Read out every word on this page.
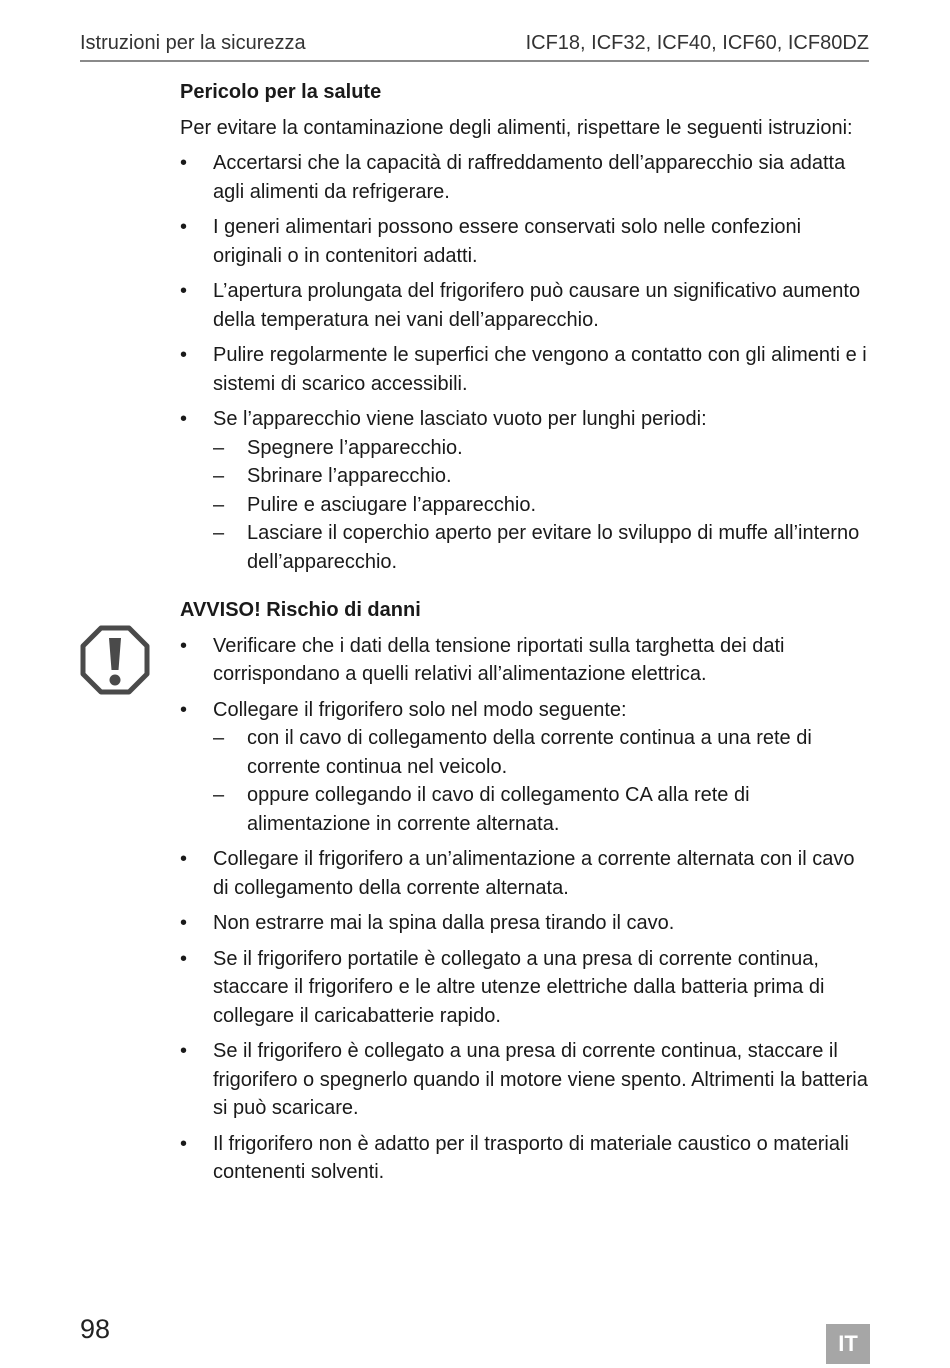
Istruzioni per la sicurezza	ICF18, ICF32, ICF40, ICF60, ICF80DZ
Pericolo per la salute

Per evitare la contaminazione degli alimenti, rispettare le seguenti istruzioni:

• Accertarsi che la capacità di raffreddamento dell’apparecchio sia adatta agli alimenti da refrigerare.
• I generi alimentari possono essere conservati solo nelle confezioni originali o in contenitori adatti.
• L’apertura prolungata del frigorifero può causare un significativo aumento della temperatura nei vani dell’apparecchio.
• Pulire regolarmente le superfici che vengono a contatto con gli alimenti e i sistemi di scarico accessibili.
• Se l’apparecchio viene lasciato vuoto per lunghi periodi:
– Spegnere l’apparecchio.
– Sbrinare l’apparecchio.
– Pulire e asciugare l’apparecchio.
– Lasciare il coperchio aperto per evitare lo sviluppo di muffe all’interno dell’apparecchio.
AVVISO! Rischio di danni
• Verificare che i dati della tensione riportati sulla targhetta dei dati corrispondano a quelli relativi all’alimentazione elettrica.
• Collegare il frigorifero solo nel modo seguente:
– con il cavo di collegamento della corrente continua a una rete di corrente continua nel veicolo.
– oppure collegando il cavo di collegamento CA alla rete di alimentazione in corrente alternata.
• Collegare il frigorifero a un’alimentazione a corrente alternata con il cavo di collegamento della corrente alternata.
• Non estrarre mai la spina dalla presa tirando il cavo.
• Se il frigorifero portatile è collegato a una presa di corrente continua, staccare il frigorifero e le altre utenze elettriche dalla batteria prima di collegare il caricabatterie rapido.
• Se il frigorifero è collegato a una presa di corrente continua, staccare il frigorifero o spegnerlo quando il motore viene spento. Altrimenti la batteria si può scaricare.
• Il frigorifero non è adatto per il trasporto di materiale caustico o materiali contenenti solventi.
98	IT
